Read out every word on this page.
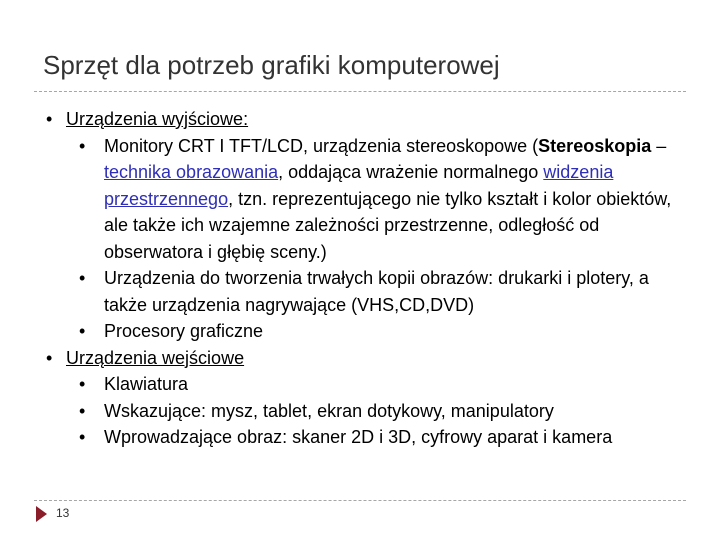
Sprzęt dla potrzeb grafiki komputerowej
• Urządzenia wyjściowe:
• Monitory CRT I TFT/LCD, urządzenia stereoskopowe (Stereoskopia – technika obrazowania, oddająca wrażenie normalnego widzenia przestrzennego, tzn. reprezentującego nie tylko kształt i kolor obiektów, ale także ich wzajemne zależności przestrzenne, odległość od obserwatora i głębię sceny.)
• Urządzenia do tworzenia trwałych kopii obrazów: drukarki i plotery, a także urządzenia nagrywające (VHS,CD,DVD)
• Procesory graficzne
• Urządzenia wejściowe
• Klawiatura
• Wskazujące: mysz, tablet, ekran dotykowy, manipulatory
• Wprowadzające obraz: skaner 2D i 3D, cyfrowy aparat i kamera
13
